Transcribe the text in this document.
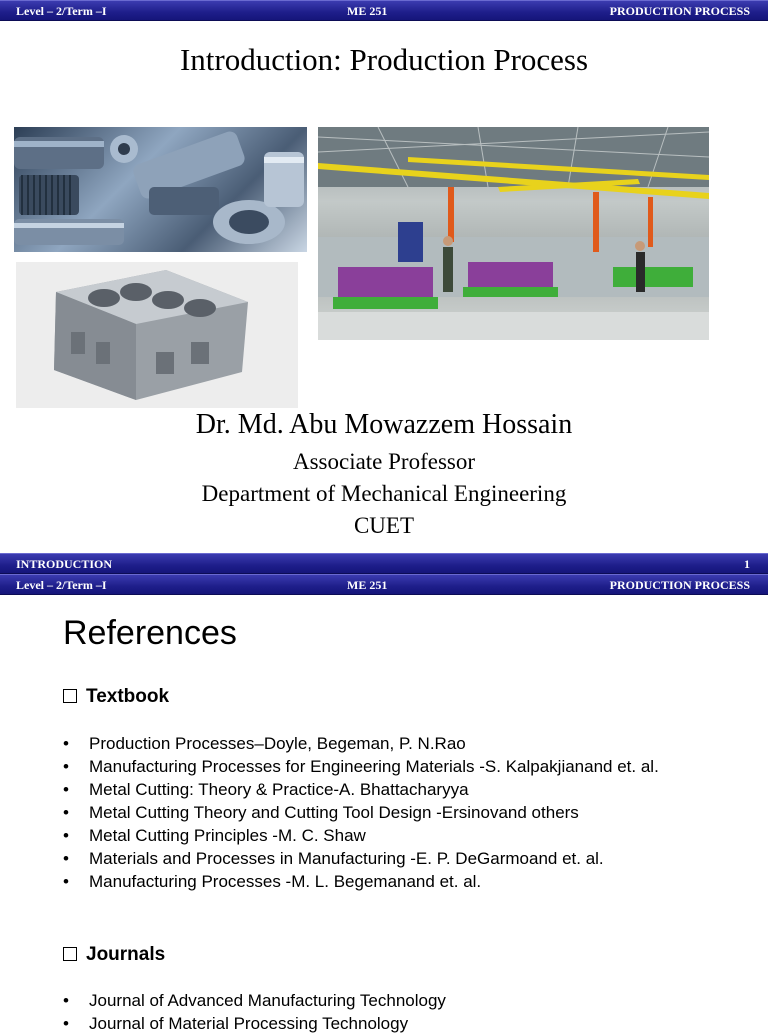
Level – 2/Term –I	ME 251	PRODUCTION PROCESS
Introduction: Production Process
Dr. Md. Abu Mowazzem Hossain
Associate Professor
Department of Mechanical Engineering
CUET
INTRODUCTION	1
Level – 2/Term –I	ME 251	PRODUCTION PROCESS
References
Textbook
• Production Processes–Doyle, Begeman, P. N.Rao
• Manufacturing Processes for Engineering Materials -S. Kalpakjianand et. al.
• Metal Cutting: Theory & Practice-A. Bhattacharyya
• Metal Cutting Theory and Cutting Tool Design -Ersinovand others
• Metal Cutting Principles -M. C. Shaw
• Materials and Processes in Manufacturing -E. P. DeGarmoand et. al.
• Manufacturing Processes -M. L. Begemanand et. al.
Journals
• Journal of Advanced Manufacturing Technology
• Journal of Material Processing Technology
